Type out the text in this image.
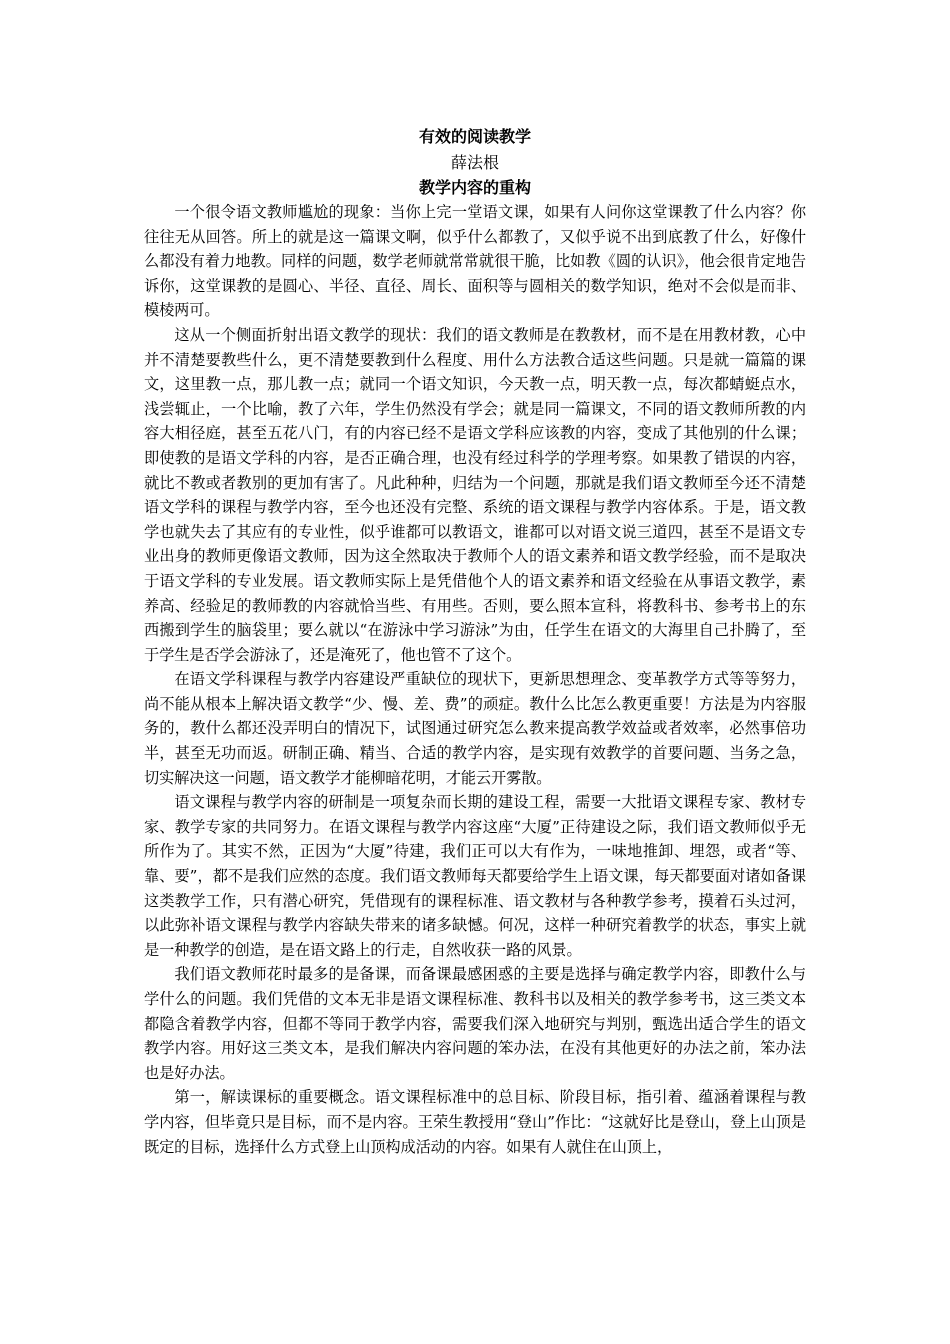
有效的阅读教学

薛法根

教学内容的重构

一个很令语文教师尴尬的现象：当你上完一堂语文课，如果有人问你这堂课教了什么内容？你往往无从回答。所上的就是这一篇课文啊，似乎什么都教了，又似乎说不出到底教了什么，好像什么都没有着力地教。同样的问题，数学老师就常常就很干脆，比如教《圆的认识》，他会很肯定地告诉你，这堂课教的是圆心、半径、直径、周长、面积等与圆相关的数学知识，绝对不会似是而非、模棱两可。

这从一个侧面折射出语文教学的现状：我们的语文教师是在教教材，而不是在用教材教，心中并不清楚要教些什么，更不清楚要教到什么程度、用什么方法教合适这些问题。只是就一篇篇的课文，这里教一点，那儿教一点；就同一个语文知识，今天教一点，明天教一点，每次都蜻蜓点水，浅尝辄止，一个比喻，教了六年，学生仍然没有学会；就是同一篇课文，不同的语文教师所教的内容大相径庭，甚至五花八门，有的内容已经不是语文学科应该教的内容，变成了其他别的什么课；即使教的是语文学科的内容，是否正确合理，也没有经过科学的学理考察。如果教了错误的内容，就比不教或者教别的更加有害了。凡此种种，归结为一个问题，那就是我们语文教师至今还不清楚语文学科的课程与教学内容，至今也还没有完整、系统的语文课程与教学内容体系。于是，语文教学也就失去了其应有的专业性，似乎谁都可以教语文，谁都可以对语文说三道四，甚至不是语文专业出身的教师更像语文教师，因为这全然取决于教师个人的语文素养和语文教学经验，而不是取决于语文学科的专业发展。语文教师实际上是凭借他个人的语文素养和语文经验在从事语文教学，素养高、经验足的教师教的内容就恰当些、有用些。否则，要么照本宣科，将教科书、参考书上的东西搬到学生的脑袋里；要么就以“在游泳中学习游泳”为由，任学生在语文的大海里自己扑腾了，至于学生是否学会游泳了，还是淹死了，他也管不了这个。

在语文学科课程与教学内容建设严重缺位的现状下，更新思想理念、变革教学方式等等努力，尚不能从根本上解决语文教学“少、慢、差、费”的顽症。教什么比怎么教更重要！方法是为内容服务的，教什么都还没弄明白的情况下，试图通过研究怎么教来提高教学效益或者效率，必然事倍功半，甚至无功而返。研制正确、精当、合适的教学内容，是实现有效教学的首要问题、当务之急，切实解决这一问题，语文教学才能柳暗花明，才能云开雾散。

语文课程与教学内容的研制是一项复杂而长期的建设工程，需要一大批语文课程专家、教材专家、教学专家的共同努力。在语文课程与教学内容这座“大厦”正待建设之际，我们语文教师似乎无所作为了。其实不然，正因为“大厦”待建，我们正可以大有作为，一味地推卸、埋怨，或者“等、靠、要”，都不是我们应然的态度。我们语文教师每天都要给学生上语文课，每天都要面对诸如备课这类教学工作，只有潜心研究，凭借现有的课程标准、语文教材与各种教学参考，摸着石头过河，以此弥补语文课程与教学内容缺失带来的诸多缺憾。何况，这样一种研究着教学的状态，事实上就是一种教学的创造，是在语文路上的行走，自然收获一路的风景。

我们语文教师花时最多的是备课，而备课最感困惑的主要是选择与确定教学内容，即教什么与学什么的问题。我们凭借的文本无非是语文课程标准、教科书以及相关的教学参考书，这三类文本都隐含着教学内容，但都不等同于教学内容，需要我们深入地研究与判别，甄选出适合学生的语文教学内容。用好这三类文本，是我们解决内容问题的笨办法，在没有其他更好的办法之前，笨办法也是好办法。

第一，解读课标的重要概念。语文课程标准中的总目标、阶段目标，指引着、蕴涵着课程与教学内容，但毕竟只是目标，而不是内容。王荣生教授用“登山”作比：“这就好比是登山，登上山顶是既定的目标，选择什么方式登上山顶构成活动的内容。如果有人就住在山顶上，
